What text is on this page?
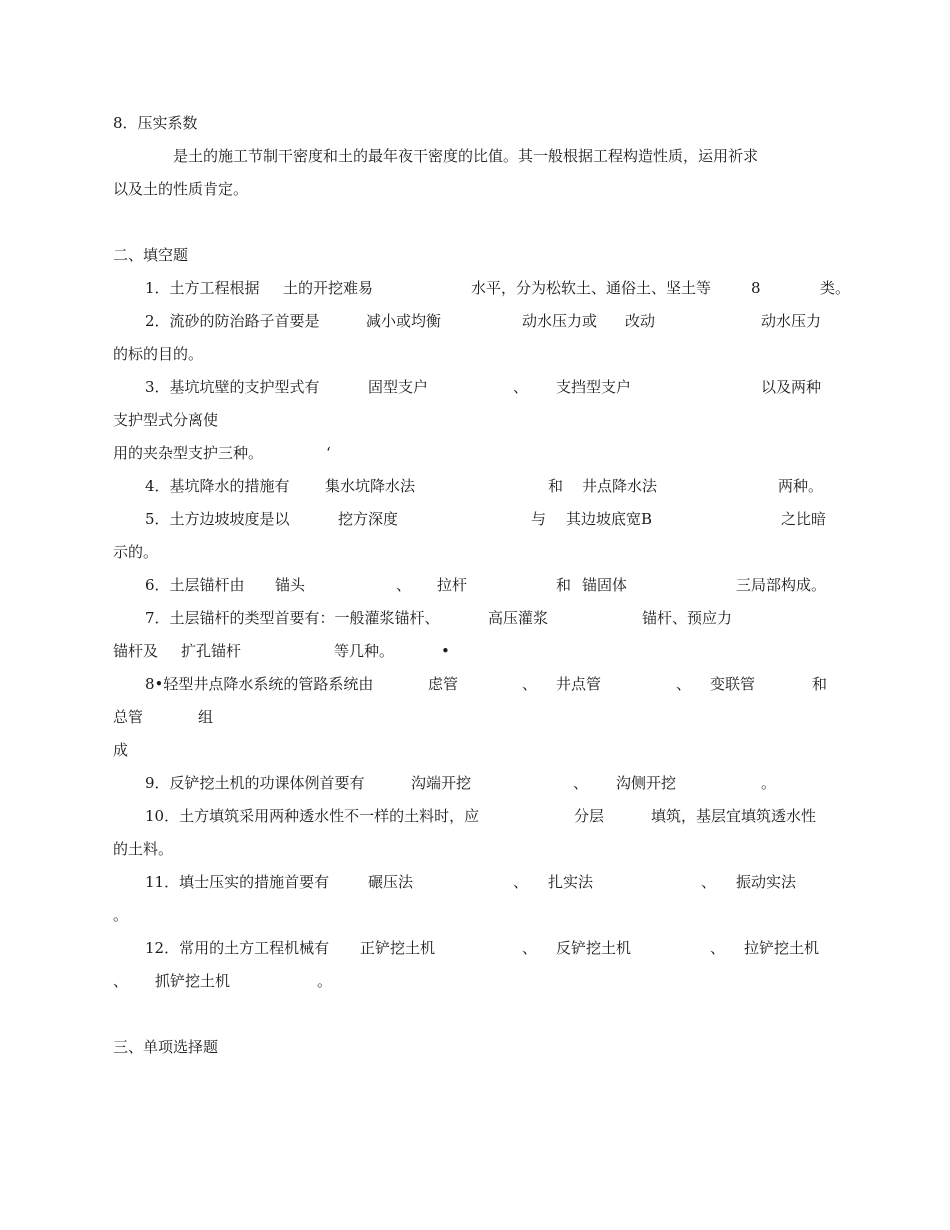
8．压实系数
是土的施工节制干密度和土的最年夜干密度的比值。其一般根据工程构造性质，运用祈求
以及土的性质肯定。
二、填空题
1．土方工程根据 土的开挖难易	水平，分为松软土、通俗土、坚土等	8	类。
2．流砂的防治路子首要是	减小或均衡	动水压力或 改动	动水压力
的标的目的。
3．基坑坑壁的支护型式有	固型支户	、 支挡型支户	以及两种
支护型式分离使
用的夹杂型支护三种。	‘
4．基坑降水的措施有 集水坑降水法	和 井点降水法	两种。
5．土方边坡坡度是以	挖方深度	与 其边坡底宽B	之比暗
示的。
6．土层锚杆由 锚头	、 拉杆	和 锚固体	三局部构成。
7．土层锚杆的类型首要有：一般灌浆锚杆、	高压灌浆	锚杆、预应力
锚杆及 扩孔锚杆	等几种。	•
8•轻型井点降水系统的管路系统由	虑管	、 井点管	、 变联管	和
总管	组
成
9．反铲挖土机的功课体例首要有	沟端开挖	、 沟侧开挖	。
10．土方填筑采用两种透水性不一样的土料时，应	分层	填筑，基层宜填筑透水性
的土料。
11．填士压实的措施首要有	碾压法	、 扎实法	、 振动实法
。
12．常用的土方工程机械有 正铲挖土机	、 反铲挖土机	、 拉铲挖土机
、 抓铲挖土机	。
三、单项选择题
